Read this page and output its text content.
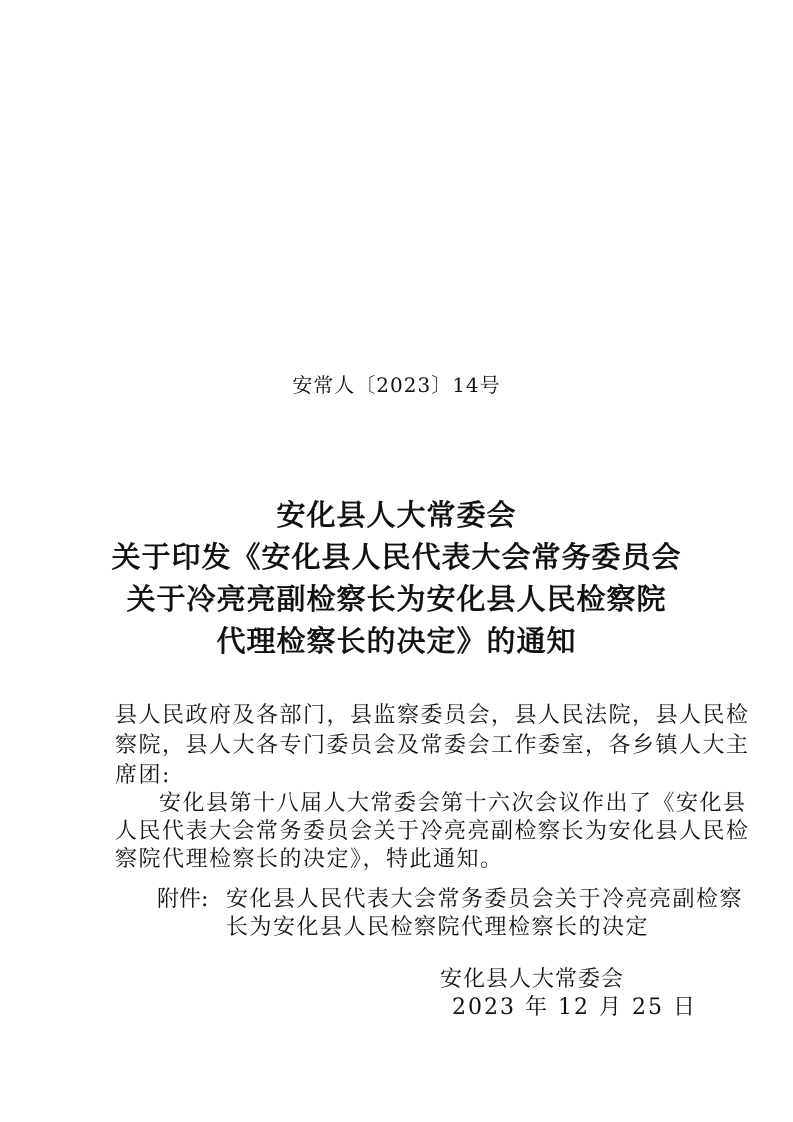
安常人〔2023〕14号
安化县人大常委会
关于印发《安化县人民代表大会常务委员会
关于冷亮亮副检察长为安化县人民检察院
代理检察长的决定》的通知
县人民政府及各部门，县监察委员会，县人民法院，县人民检
察院，县人大各专门委员会及常委会工作委室，各乡镇人大主
席团:
安化县第十八届人大常委会第十六次会议作出了《安化县
人民代表大会常务委员会关于冷亮亮副检察长为安化县人民检
察院代理检察长的决定》，特此通知。
附件: 安化县人民代表大会常务委员会关于冷亮亮副检察
长为安化县人民检察院代理检察长的决定
安化县人大常委会
2023 年 12 月 25 日
